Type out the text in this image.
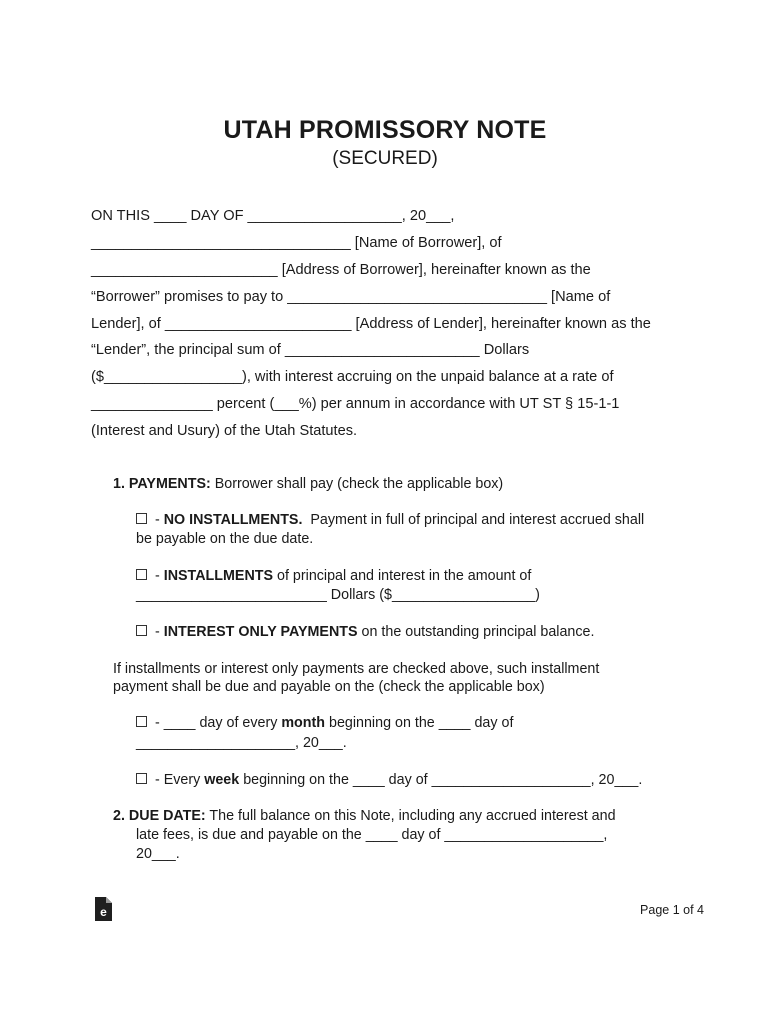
UTAH PROMISSORY NOTE
(SECURED)
ON THIS ____ DAY OF ___________________, 20___,
________________________________ [Name of Borrower], of
_______________________ [Address of Borrower], hereinafter known as the
“Borrower” promises to pay to ________________________________ [Name of
Lender], of _______________________ [Address of Lender], hereinafter known as the
“Lender”, the principal sum of ________________________ Dollars
($_________________), with interest accruing on the unpaid balance at a rate of
_______________ percent (___%) per annum in accordance with UT ST § 15-1-1
(Interest and Usury) of the Utah Statutes.
1. PAYMENTS: Borrower shall pay (check the applicable box)
- NO INSTALLMENTS.  Payment in full of principal and interest accrued shall
be payable on the due date.
- INSTALLMENTS of principal and interest in the amount of
________________________ Dollars ($__________________)
- INTEREST ONLY PAYMENTS on the outstanding principal balance.
If installments or interest only payments are checked above, such installment
payment shall be due and payable on the (check the applicable box)
- ____ day of every month beginning on the ____ day of
____________________, 20___.
- Every week beginning on the ____ day of ____________________, 20___.
2. DUE DATE: The full balance on this Note, including any accrued interest and
late fees, is due and payable on the ____ day of ____________________,
20___.
e	Page 1 of 4
